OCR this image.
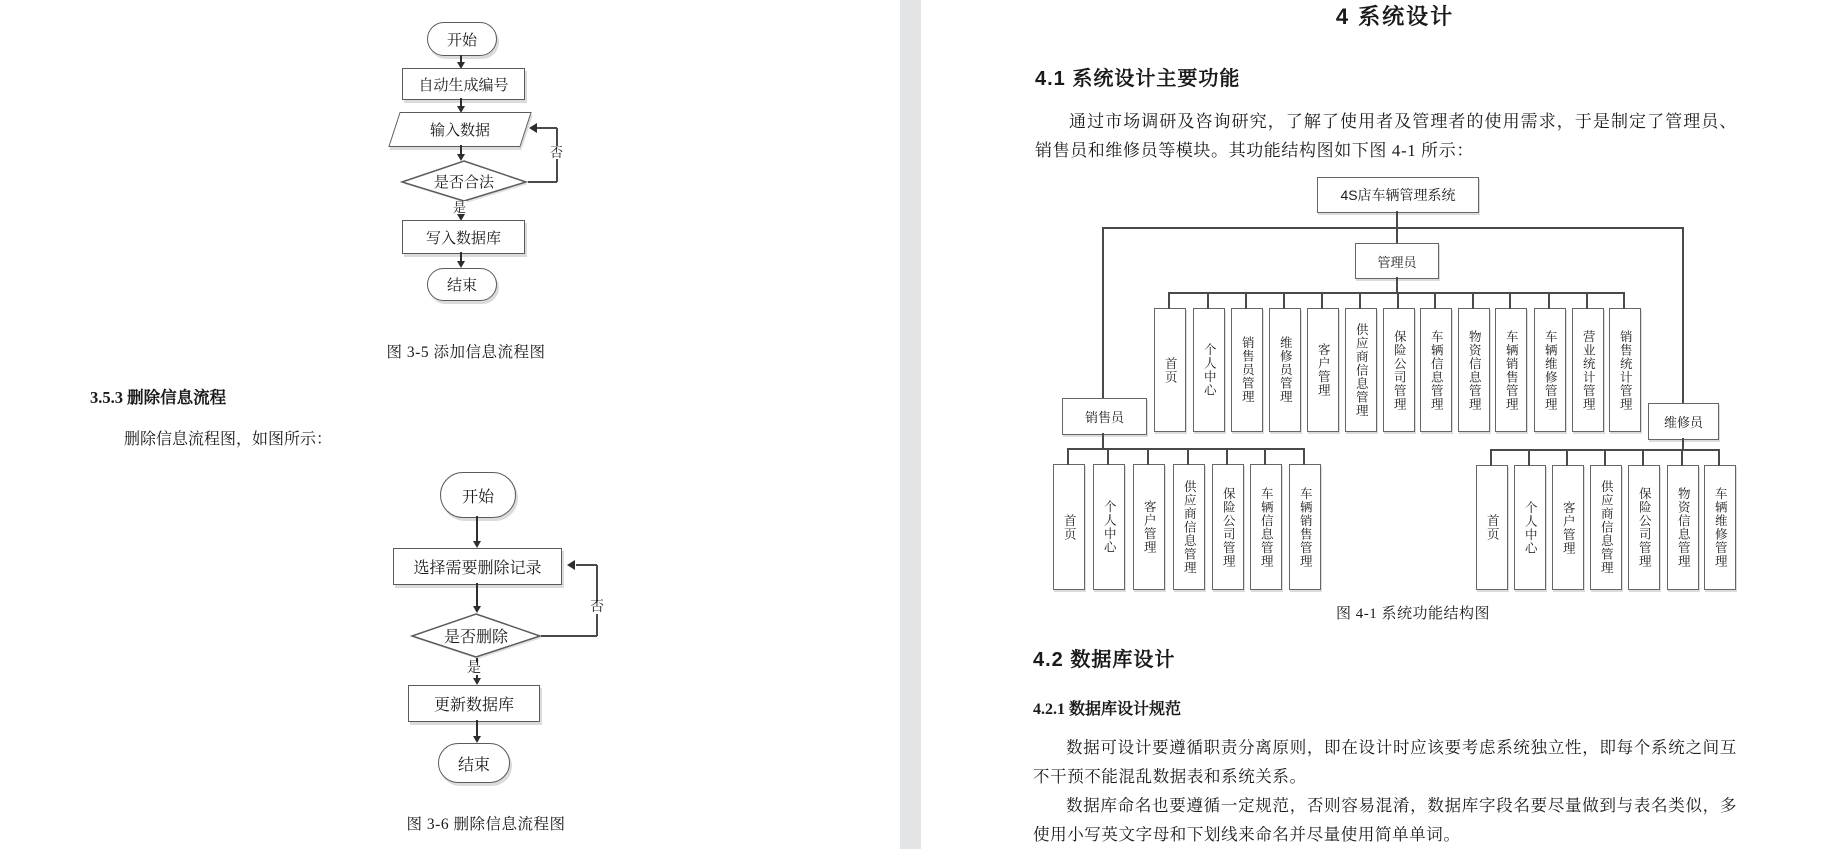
开始
自动生成编号
输入数据
是否合法
否
是
写入数据库
结束
图 3-5 添加信息流程图
3.5.3 删除信息流程
删除信息流程图，如图所示：
开始
选择需要删除记录
是否删除
否
是
更新数据库
结束
图 3-6 删除信息流程图
4 系统设计
4.1 系统设计主要功能
通过市场调研及咨询研究，了解了使用者及管理者的使用需求，于是制定了管理员、销售员和维修员等模块。其功能结构图如下图 4-1 所示：
4S店车辆管理系统
管理员
首页	个人中心	销售员管理	维修员管理	客户管理	供应商信息管理	保险公司管理	车辆信息管理	物资信息管理	车辆销售管理	车辆维修管理	营业统计管理	销售统计管理
销售员
首页	个人中心	客户管理	供应商信息管理	保险公司管理	车辆信息管理	车辆销售管理
维修员
首页	个人中心	客户管理	供应商信息管理	保险公司管理	物资信息管理	车辆维修管理
图 4-1 系统功能结构图
4.2 数据库设计
4.2.1 数据库设计规范
数据可设计要遵循职责分离原则，即在设计时应该要考虑系统独立性，即每个系统之间互不干预不能混乱数据表和系统关系。
数据库命名也要遵循一定规范，否则容易混淆，数据库字段名要尽量做到与表名类似，多使用小写英文字母和下划线来命名并尽量使用简单单词。
